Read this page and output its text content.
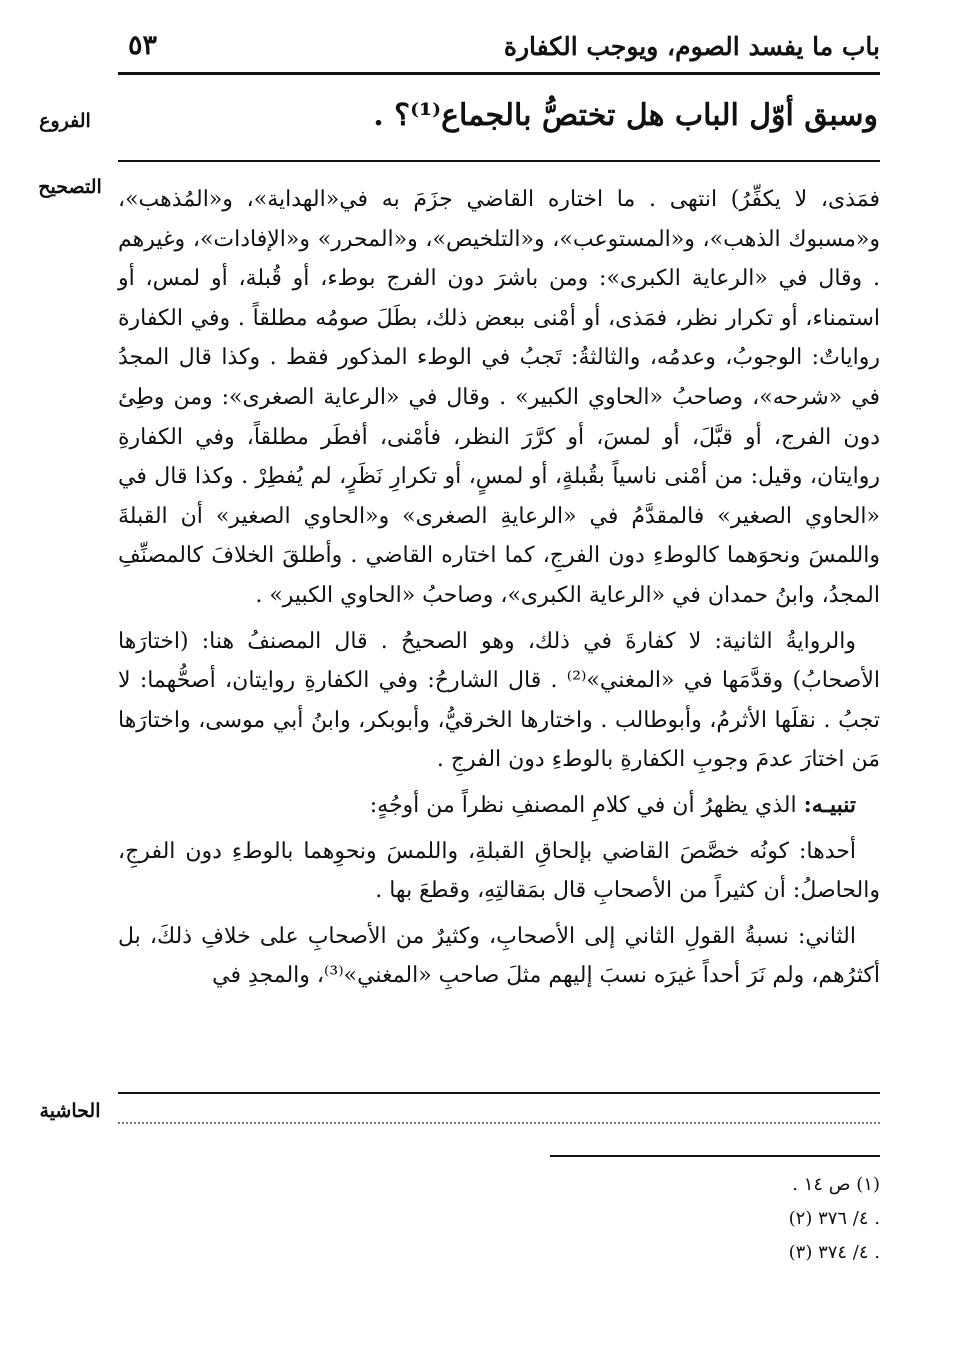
باب ما يفسد الصوم، ويوجب الكفارة
٥٣
الفروع	وسبق أوّل الباب هل تختصُّ بالجماع⁽¹⁾؟ .
التصحيح فمَذى، لا يكفِّرُ) انتهى . ما اختاره القاضي جزَمَ به في«الهداية»، و«المُذهب»، و«مسبوك الذهب»، و«المستوعب»، و«التلخيص»، و«المحرر» و«الإفادات»، وغيرهم . وقال في «الرعاية الكبرى»: ومن باشرَ دون الفرج بوطء، أو قُبلة، أو لمس، أو استمناء، أو تكرار نظر، فمَذى، أو أمْنى ببعض ذلك، بطَلَ صومُه مطلقاً . وفي الكفارة رواياتٌ: الوجوبُ، وعدمُه، والثالثةُ: تَجبُ في الوطء المذكور فقط . وكذا قال المجدُ في «شرحه»، وصاحبُ «الحاوي الكبير» . وقال في «الرعاية الصغرى»: ومن وطِئ دون الفرج، أو قبَّلَ، أو لمسَ، أو كرَّرَ النظر، فأمْنى، أفطَر مطلقاً، وفي الكفارةِ روايتان، وقيل: من أمْنى ناسياً بقُبلةٍ، أو لمسٍ، أو تكرارِ نَظَرٍ، لم يُفطِرْ . وكذا قال في «الحاوي الصغير» فالمقدَّمُ في «الرعايةِ الصغرى» و«الحاوي الصغير» أن القبلةَ واللمسَ ونحوَهما كالوطءِ دون الفرجِ، كما اختاره القاضي . وأطلقَ الخلافَ كالمصنِّفِ المجدُ، وابنُ حمدان في «الرعاية الكبرى»، وصاحبُ «الحاوي الكبير» .

والروايةُ الثانية: لا كفارةَ في ذلك، وهو الصحيحُ . قال المصنفُ هنا: (اختارَها الأصحابُ) وقدَّمَها في «المغني»⁽²⁾ . قال الشارحُ: وفي الكفارةِ روايتان، أصحُّهما: لا تجبُ . نقلَها الأثرمُ، وأبوطالب . واختارها الخرقيُّ، وأبوبكر، وابنُ أبي موسى، واختارَها مَن اختارَ عدمَ وجوبِ الكفارةِ بالوطءِ دون الفرجِ .

تنبيـه: الذي يظهرُ أن في كلامِ المصنفِ نظراً من أوجُهٍ:

أحدها: كونُه خصَّصَ القاضي بإلحاقِ القبلةِ، واللمسَ ونحوِهما بالوطءِ دون الفرجِ، والحاصلُ: أن كثيراً من الأصحابِ قال بمَقالتِهِ، وقطعَ بها .

الثاني: نسبةُ القولِ الثاني إلى الأصحابِ، وكثيرٌ من الأصحابِ على خلافِ ذلكَ، بل أكثرُهم، ولم نَرَ أحداً غيرَه نسبَ إليهم مثلَ صاحبِ «المغني»⁽³⁾، والمجدِ في

الحاشية
(١) ص ١٤ .
(٢) ٤/ ٣٧٦ .
(٣) ٤/ ٣٧٤ .
